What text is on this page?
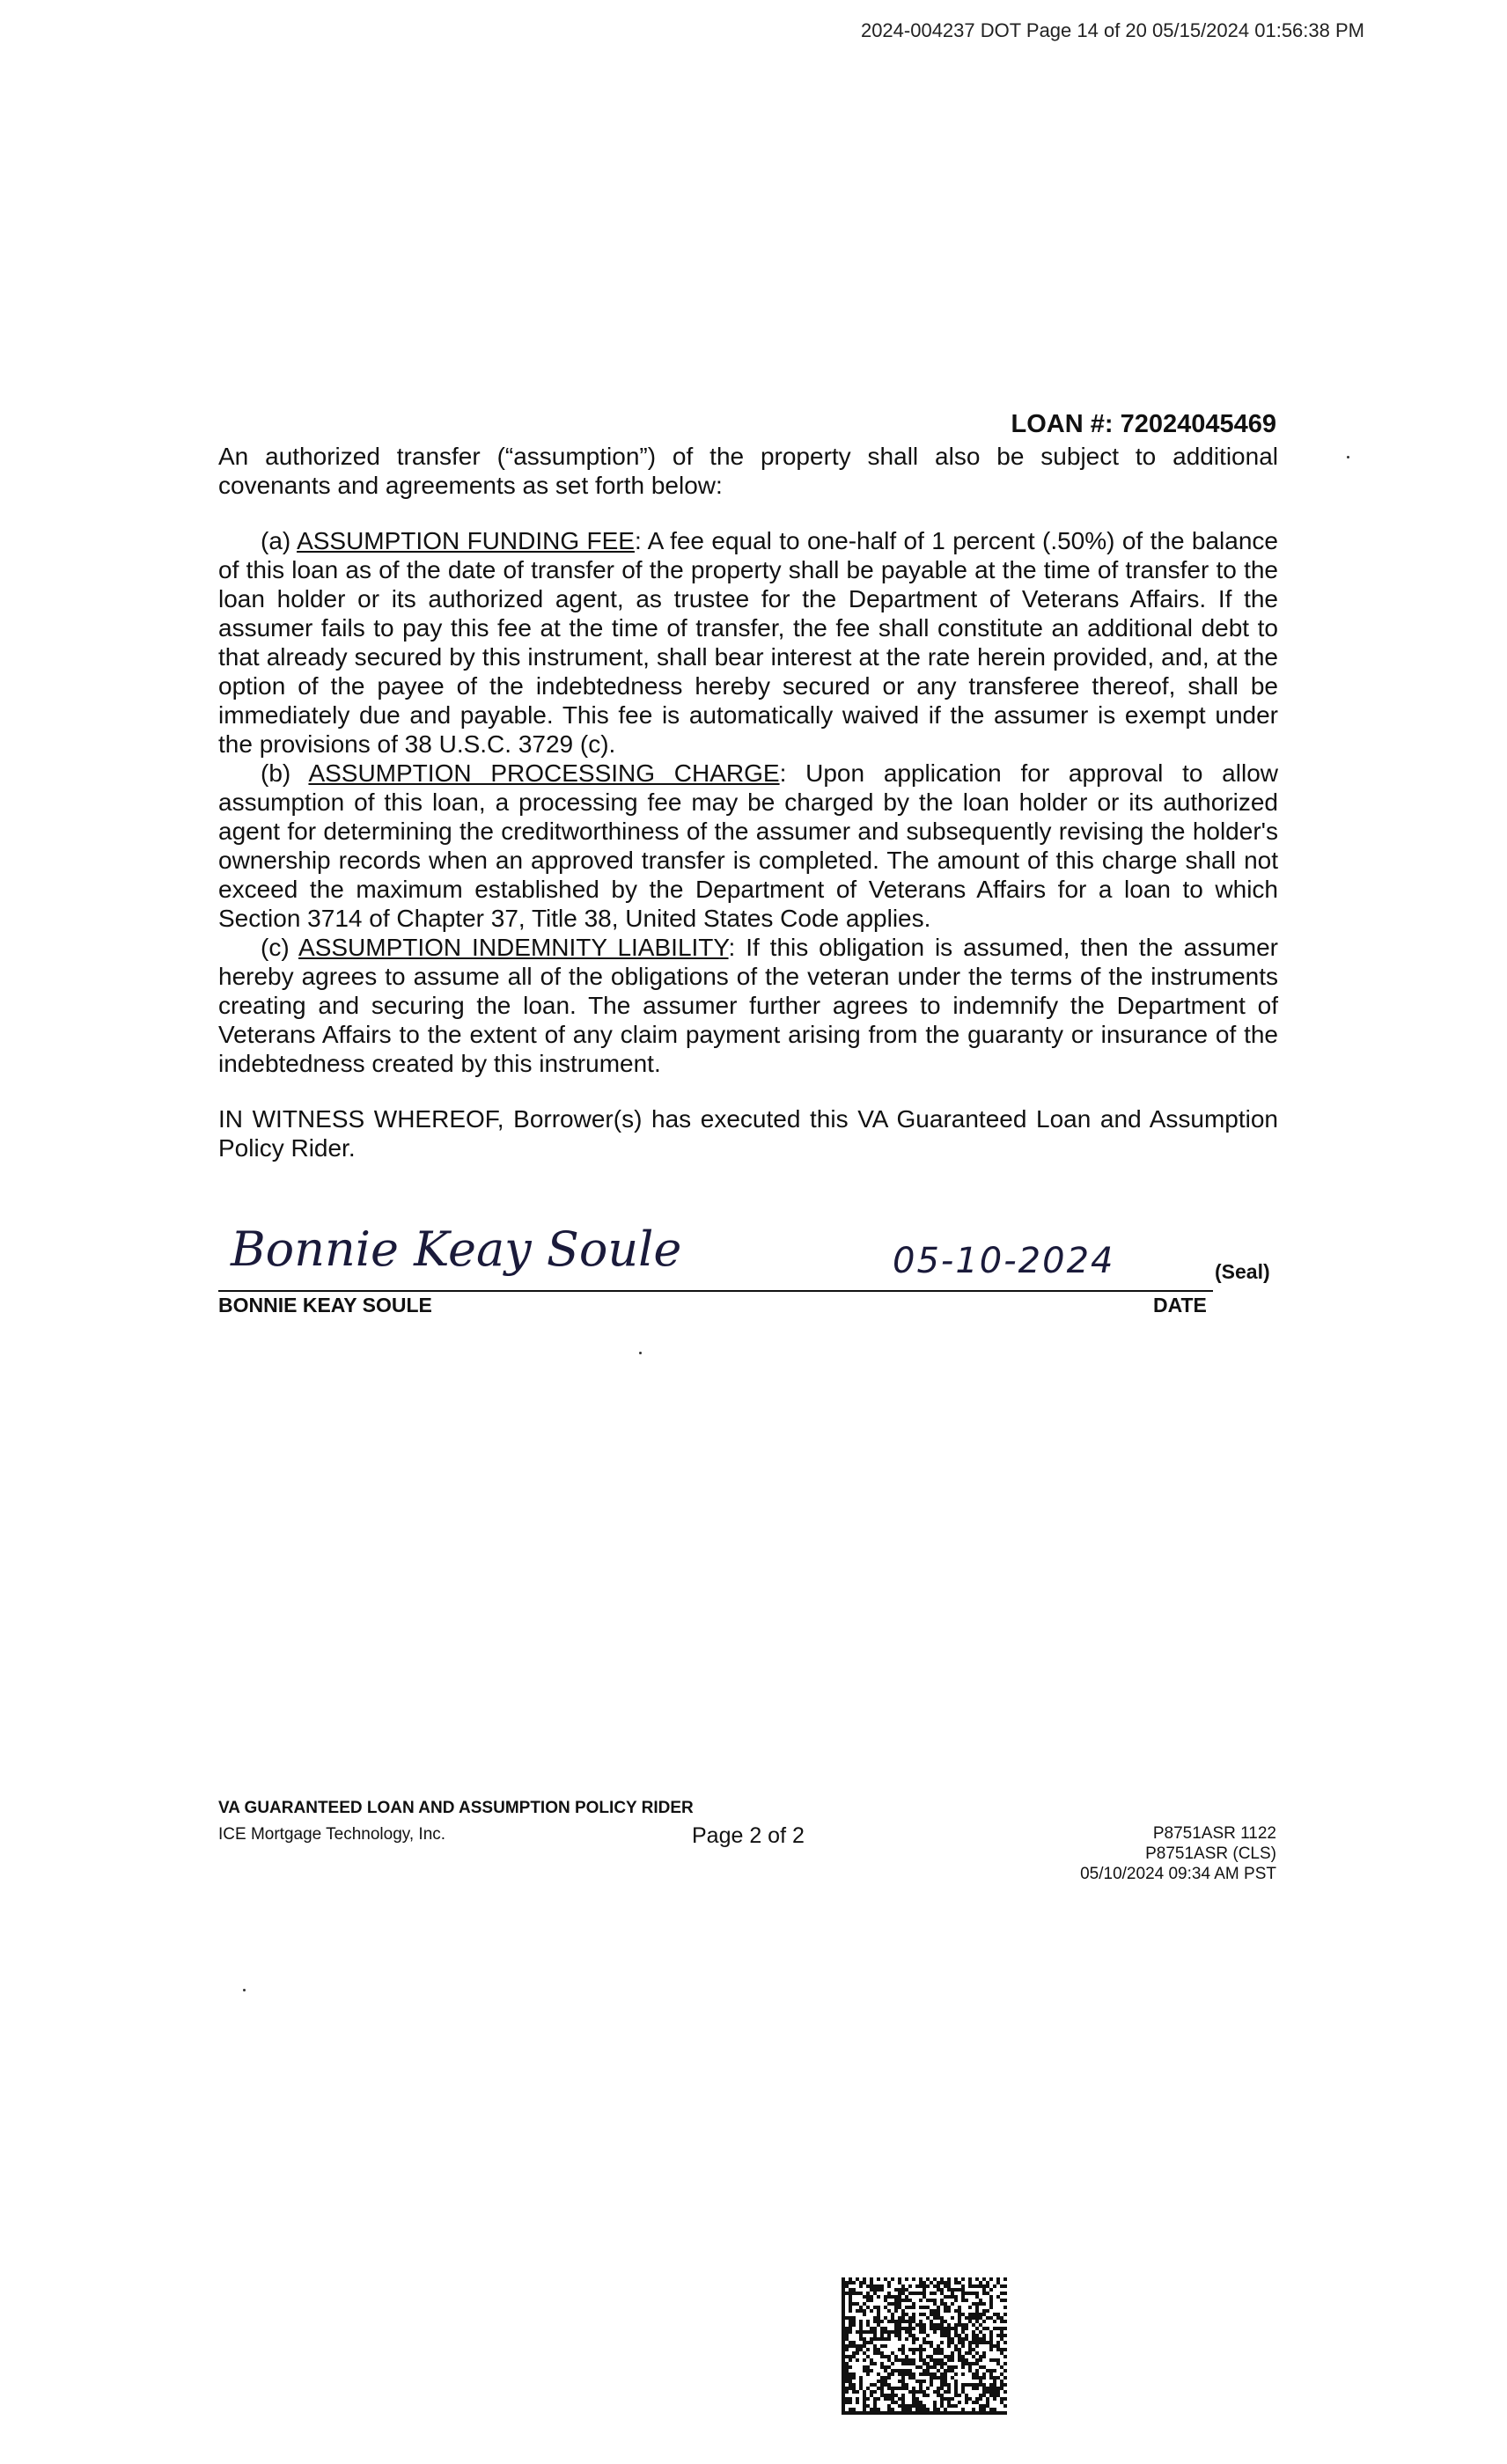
2024-004237 DOT Page 14 of 20 05/15/2024 01:56:38 PM
LOAN #: 72024045469

An authorized transfer (“assumption”) of the property shall also be subject to additional covenants and agreements as set forth below:

(a) ASSUMPTION FUNDING FEE: A fee equal to one-half of 1 percent (.50%) of the balance of this loan as of the date of transfer of the property shall be payable at the time of transfer to the loan holder or its authorized agent, as trustee for the Department of Veterans Affairs. If the assumer fails to pay this fee at the time of transfer, the fee shall constitute an additional debt to that already secured by this instrument, shall bear interest at the rate herein provided, and, at the option of the payee of the indebtedness hereby secured or any transferee thereof, shall be immediately due and payable. This fee is automatically waived if the assumer is exempt under the provisions of 38 U.S.C. 3729 (c).

(b) ASSUMPTION PROCESSING CHARGE: Upon application for approval to allow assumption of this loan, a processing fee may be charged by the loan holder or its authorized agent for determining the creditworthiness of the assumer and subsequently revising the holder's ownership records when an approved transfer is completed. The amount of this charge shall not exceed the maximum established by the Department of Veterans Affairs for a loan to which Section 3714 of Chapter 37, Title 38, United States Code applies.

(c) ASSUMPTION INDEMNITY LIABILITY: If this obligation is assumed, then the assumer hereby agrees to assume all of the obligations of the veteran under the terms of the instruments creating and securing the loan. The assumer further agrees to indemnify the Department of Veterans Affairs to the extent of any claim payment arising from the guaranty or insurance of the indebtedness created by this instrument.

IN WITNESS WHEREOF, Borrower(s) has executed this VA Guaranteed Loan and Assumption Policy Rider.

Bonnie Keay Soule	05-10-2024	(Seal)
BONNIE KEAY SOULE	DATE
VA GUARANTEED LOAN AND ASSUMPTION POLICY RIDER
ICE Mortgage Technology, Inc.	Page 2 of 2	P8751ASR 1122
P8751ASR (CLS)
05/10/2024 09:34 AM PST
